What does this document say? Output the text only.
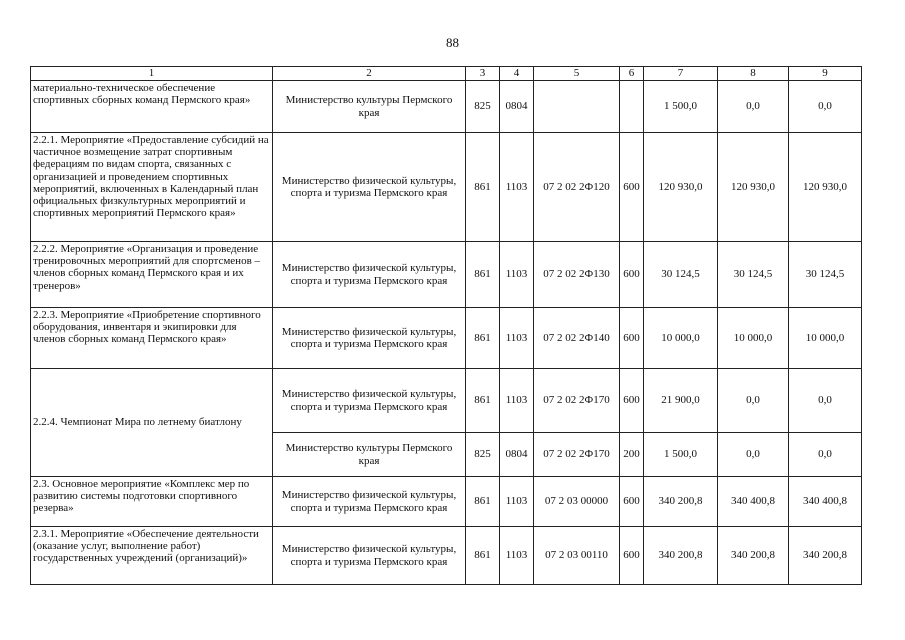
88
1	2	3	4	5	6	7	8	9
материально-техническое обеспечение спортивных сборных команд Пермского края»	Министерство культуры Пермского края	825	0804			1 500,0	0,0	0,0
2.2.1. Мероприятие «Предоставление субсидий на частичное возмещение затрат спортивным федерациям по видам спорта, связанных с организацией и проведением спортивных мероприятий, включенных в Календарный план официальных физкультурных мероприятий и спортивных мероприятий Пермского края»	Министерство физической культуры, спорта и туризма Пермского края	861	1103	07 2 02 2Ф120	600	120 930,0	120 930,0	120 930,0
2.2.2. Мероприятие «Организация и проведение тренировочных мероприятий для спортсменов – членов сборных команд Пермского края и их тренеров»	Министерство физической культуры, спорта и туризма Пермского края	861	1103	07 2 02 2Ф130	600	30 124,5	30 124,5	30 124,5
2.2.3. Мероприятие «Приобретение спортивного оборудования, инвентаря и экипировки для членов сборных команд Пермского края»	Министерство физической культуры, спорта и туризма Пермского края	861	1103	07 2 02 2Ф140	600	10 000,0	10 000,0	10 000,0
2.2.4. Чемпионат Мира по летнему биатлону	Министерство физической культуры, спорта и туризма Пермского края	861	1103	07 2 02 2Ф170	600	21 900,0	0,0	0,0
	Министерство культуры Пермского края	825	0804	07 2 02 2Ф170	200	1 500,0	0,0	0,0
2.3. Основное мероприятие «Комплекс мер по развитию системы подготовки спортивного резерва»	Министерство физической культуры, спорта и туризма Пермского края	861	1103	07 2 03 00000	600	340 200,8	340 400,8	340 400,8
2.3.1. Мероприятие «Обеспечение деятельности (оказание услуг, выполнение работ) государственных учреждений (организаций)»	Министерство физической культуры, спорта и туризма Пермского края	861	1103	07 2 03 00110	600	340 200,8	340 200,8	340 200,8
